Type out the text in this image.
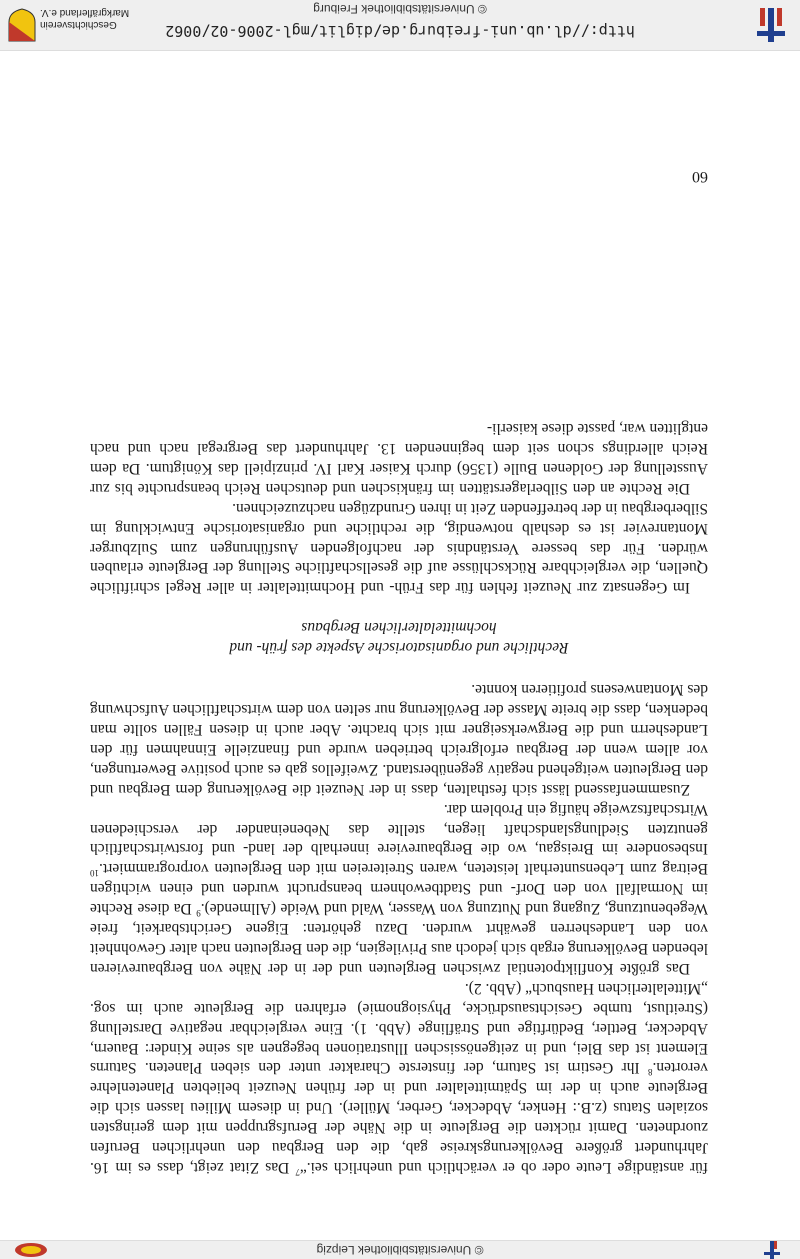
© Universitätsbibliothek Leipzig

für anständige Leute oder ob er verächtlich und unehrlich sei.“$^7$ Das Zitat zeigt, dass es im 16. Jahrhundert größere Bevölkerungskreise gab, die den Bergbau den unehrlichen Berufen zuordneten. Damit rückten die Bergleute in die Nähe der Berufsgruppen mit dem geringsten sozialen Status (z.B.: Henker, Abdecker, Gerber, Müller). Und in diesem Milieu lassen sich die Bergleute auch in der im Spätmittelalter und in der frühen Neuzeit beliebten Planetenlehre verorten.$^8$ Ihr Gestirn ist Saturn, der finsterste Charakter unter den sieben Planeten. Saturns Element ist das Blei, und in zeitgenössischen Illustrationen begegnen als seine Kinder: Bauern, Abdecker, Bettler, Bedürftige und Sträflinge (Abb. 1). Eine vergleichbar negative Darstellung (Streitlust, tumbe Gesichtsausdrücke, Physiognomie) erfahren die Bergleute auch im sog. „Mittelalterlichen Hausbuch“ (Abb. 2).

Das größte Konfliktpotential zwischen Bergleuten und der in der Nähe von Bergbaurevieren lebenden Bevölkerung ergab sich jedoch aus Privilegien, die den Bergleuten nach alter Gewohnheit von den Landesherren gewährt wurden. Dazu gehörten: Eigene Gerichtsbarkeit, freie Wegebenutzung, Zugang und Nutzung von Wasser, Wald und Weide (Allmende).$^9$ Da diese Rechte im Normalfall von den Dorf- und Stadtbewohnern beansprucht wurden und einen wichtigen Beitrag zum Lebensunterhalt leisteten, waren Streitereien mit den Bergleuten vorprogrammiert.$^{10}$ Insbesondere im Breisgau, wo die Bergbaureviere innerhalb der land- und forstwirtschaftlich genutzten Siedlungslandschaft liegen, stellte das Nebeneinander der verschiedenen Wirtschaftszweige häufig ein Problem dar.

Zusammenfassend lässt sich festhalten, dass in der Neuzeit die Bevölkerung dem Bergbau und den Bergleuten weitgehend negativ gegenüberstand. Zweifellos gab es auch positive Bewertungen, vor allem wenn der Bergbau erfolgreich betrieben wurde und finanzielle Einnahmen für den Landesherrn und die Bergwerkseigner mit sich brachte. Aber auch in diesen Fällen sollte man bedenken, dass die breite Masse der Bevölkerung nur selten von dem wirtschaftlichen Aufschwung des Montanwesens profitieren konnte.

Rechtliche und organisatorische Aspekte des früh- und
hochmittelalterlichen Bergbaus

Im Gegensatz zur Neuzeit fehlen für das Früh- und Hochmittelalter in aller Regel schriftliche Quellen, die vergleichbare Rückschlüsse auf die gesellschaftliche Stellung der Bergleute erlauben würden. Für das bessere Verständnis der nachfolgenden Ausführungen zum Sulzburger Montanrevier ist es deshalb notwendig, die rechtliche und organisatorische Entwicklung im Silberbergbau in der betreffenden Zeit in ihren Grundzügen nachzuzeichnen.

Die Rechte an den Silberlagerstätten im fränkischen und deutschen Reich beanspruchte bis zur Ausstellung der Goldenen Bulle (1356) durch Kaiser Karl IV. prinzipiell das Königtum. Da dem Reich allerdings schon seit dem beginnenden 13. Jahrhundert das Bergregal nach und nach entglitten war, passte diese kaiserli-

60
http://dl.ub.uni-freiburg.de/diglit/mgl-2006-02/0062
© Universitätsbibliothek Freiburg
Geschichtsverein
Markgräflerland e.V.
